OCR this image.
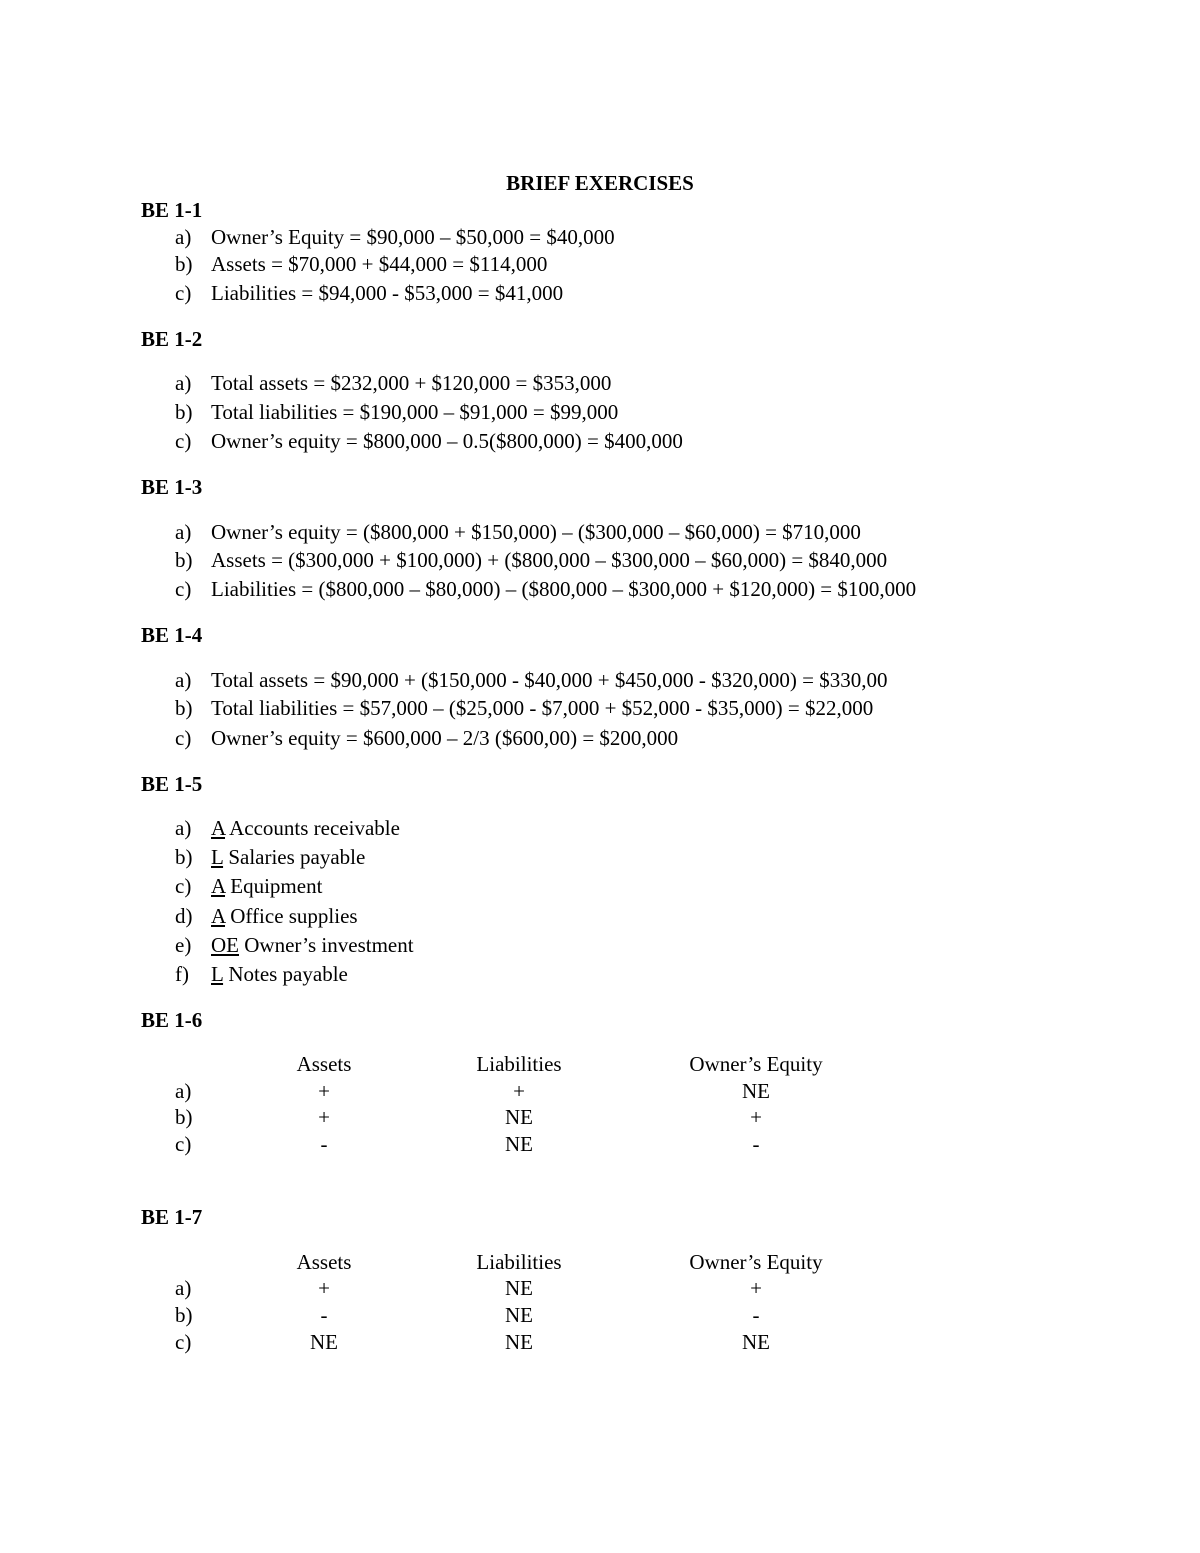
BRIEF EXERCISES
BE 1-1
a) Owner’s Equity = $90,000 – $50,000 = $40,000
b) Assets = $70,000 + $44,000 = $114,000
c) Liabilities = $94,000 - $53,000 = $41,000
BE 1-2
a) Total assets = $232,000 + $120,000 = $353,000
b) Total liabilities = $190,000 – $91,000 = $99,000
c) Owner’s equity = $800,000 – 0.5($800,000) = $400,000
BE 1-3
a) Owner’s equity = ($800,000 + $150,000) – ($300,000 – $60,000) = $710,000
b) Assets = ($300,000 + $100,000) + ($800,000 – $300,000 – $60,000) = $840,000
c) Liabilities = ($800,000 – $80,000) – ($800,000 – $300,000 + $120,000) = $100,000
BE 1-4
a) Total assets = $90,000 + ($150,000 - $40,000 + $450,000 - $320,000) = $330,00
b) Total liabilities = $57,000 – ($25,000 - $7,000 + $52,000 - $35,000) = $22,000
c) Owner’s equity = $600,000 – 2/3 ($600,00) = $200,000
BE 1-5
a) A Accounts receivable
b) L Salaries payable
c) A Equipment
d) A Office supplies
e) OE Owner’s investment
f) L Notes payable
BE 1-6
Assets	Liabilities	Owner’s Equity
a)	+	+	NE
b)	+	NE	+
c)	-	NE	-
BE 1-7
Assets	Liabilities	Owner’s Equity
a)	+	NE	+
b)	-	NE	-
c)	NE	NE	NE
